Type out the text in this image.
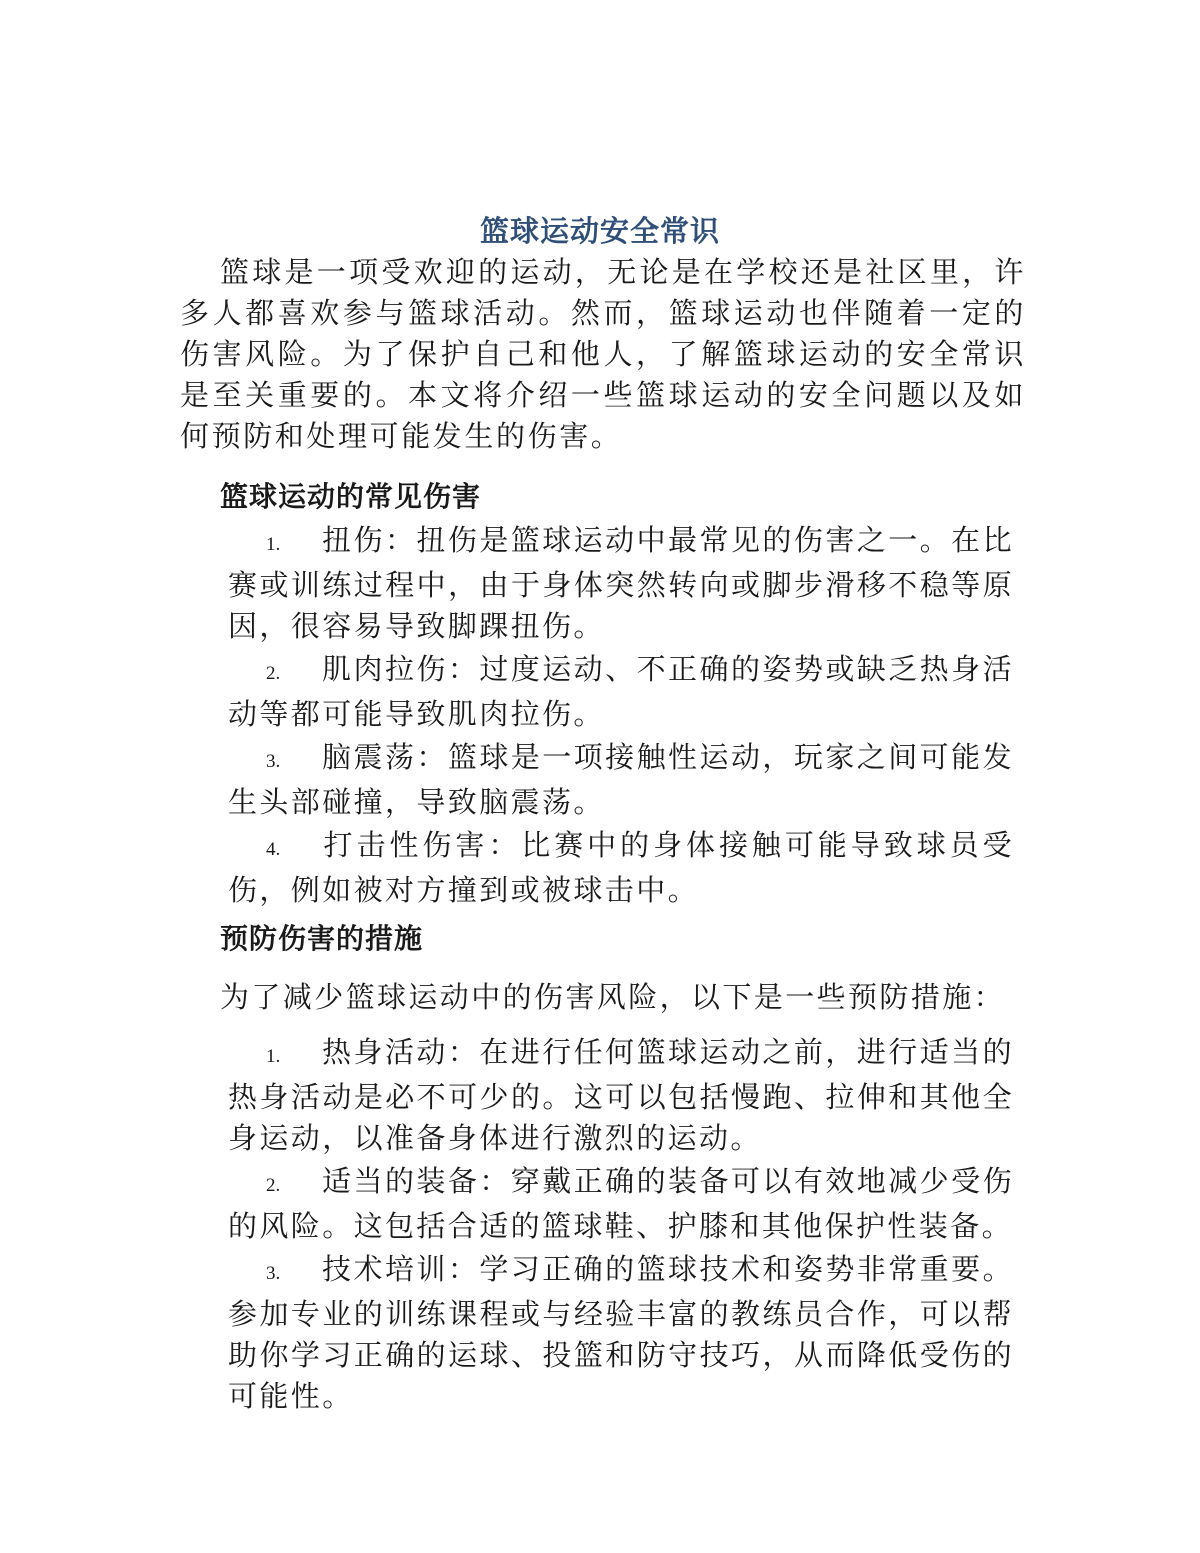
篮球运动安全常识

篮球是一项受欢迎的运动，无论是在学校还是社区里，许多人都喜欢参与篮球活动。然而，篮球运动也伴随着一定的伤害风险。为了保护自己和他人，了解篮球运动的安全常识是至关重要的。本文将介绍一些篮球运动的安全问题以及如何预防和处理可能发生的伤害。

篮球运动的常见伤害
1. 扭伤：扭伤是篮球运动中最常见的伤害之一。在比赛或训练过程中，由于身体突然转向或脚步滑移不稳等原因，很容易导致脚踝扭伤。
2. 肌肉拉伤：过度运动、不正确的姿势或缺乏热身活动等都可能导致肌肉拉伤。
3. 脑震荡：篮球是一项接触性运动，玩家之间可能发生头部碰撞，导致脑震荡。
4. 打击性伤害：比赛中的身体接触可能导致球员受伤，例如被对方撞到或被球击中。
预防伤害的措施

为了减少篮球运动中的伤害风险，以下是一些预防措施：

1. 热身活动：在进行任何篮球运动之前，进行适当的热身活动是必不可少的。这可以包括慢跑、拉伸和其他全身运动，以准备身体进行激烈的运动。
2. 适当的装备：穿戴正确的装备可以有效地减少受伤的风险。这包括合适的篮球鞋、护膝和其他保护性装备。
3. 技术培训：学习正确的篮球技术和姿势非常重要。参加专业的训练课程或与经验丰富的教练员合作，可以帮助你学习正确的运球、投篮和防守技巧，从而降低受伤的可能性。
